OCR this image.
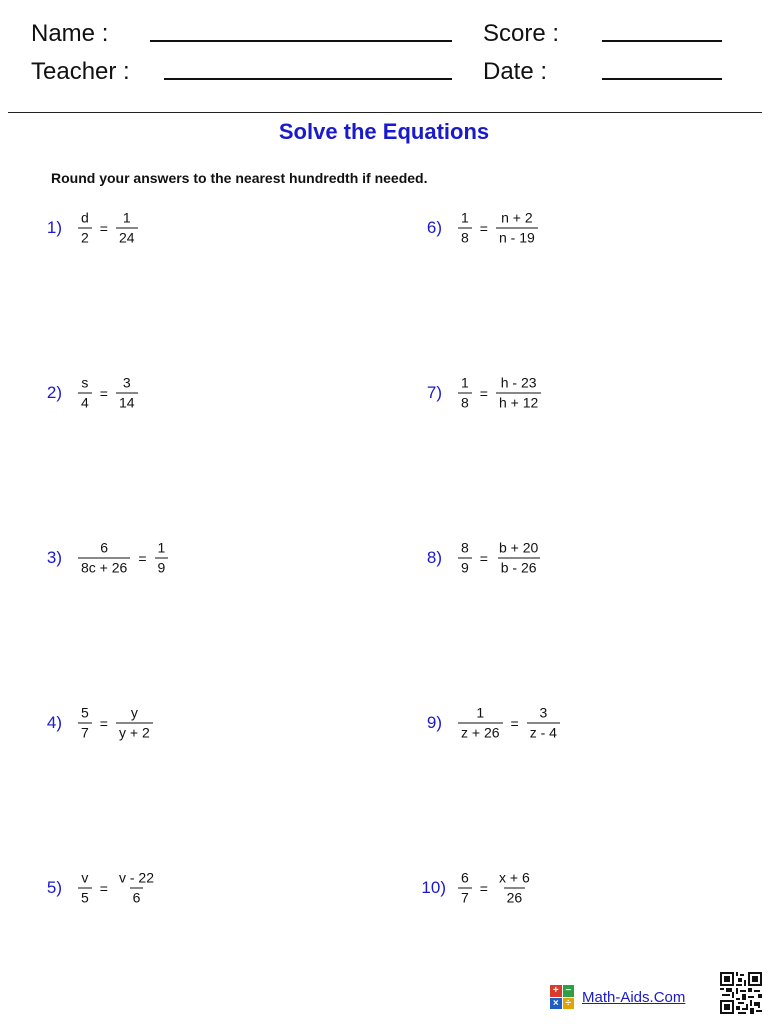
Name :
Teacher :
Score :
Date :
Solve the Equations
Round your answers to the nearest hundredth if needed.
$1) \frac{d}{2} = \frac{1}{24}$
$2) \frac{s}{4} = \frac{3}{14}$
$3) \frac{6}{8c + 26} = \frac{1}{9}$
$4) \frac{5}{7} = \frac{y}{y + 2}$
$5) \frac{v}{5} = \frac{v - 22}{6}$
$6) \frac{1}{8} = \frac{n + 2}{n - 19}$
$7) \frac{1}{8} = \frac{h - 23}{h + 12}$
$8) \frac{8}{9} = \frac{b + 20}{b - 26}$
$9) \frac{1}{z + 26} = \frac{3}{z - 4}$
$10) \frac{6}{7} = \frac{x + 6}{26}$
+ −
× ÷ Math-Aids.Com
